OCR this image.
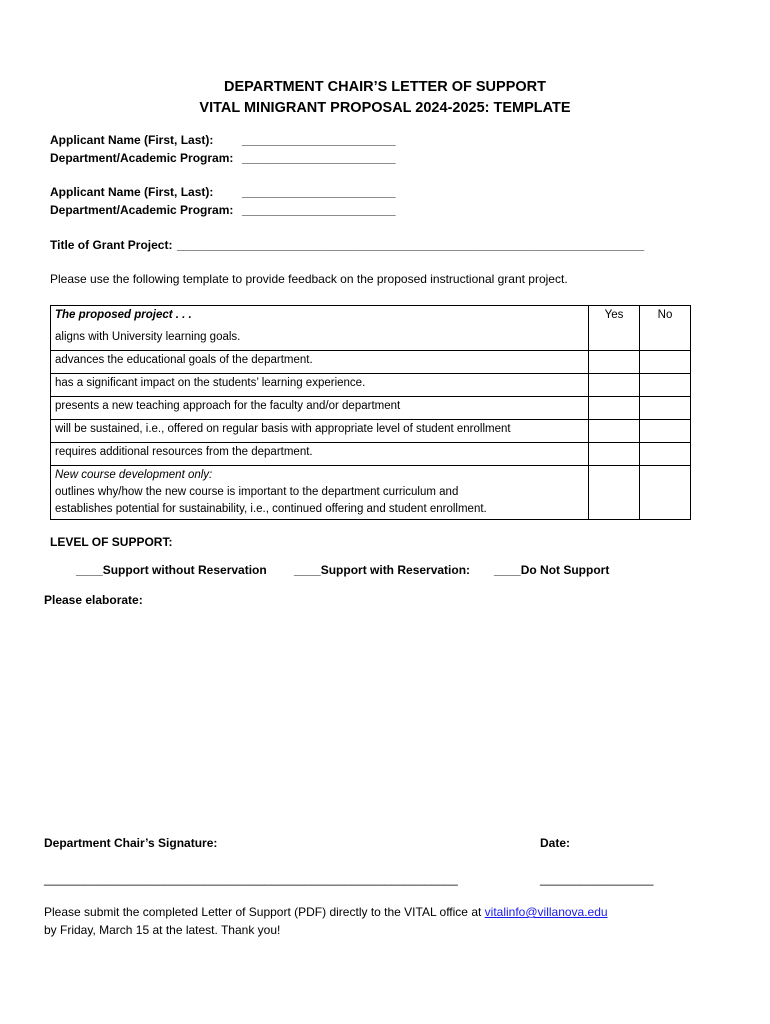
DEPARTMENT CHAIR’S LETTER OF SUPPORT
VITAL MINIGRANT PROPOSAL 2024-2025: TEMPLATE
Applicant Name (First, Last): _______________________
Department/Academic Program: _______________________
Applicant Name (First, Last): _______________________
Department/Academic Program: _______________________
Title of Grant Project: ______________________________________________________________________
Please use the following template to provide feedback on the proposed instructional grant project.
The proposed project . . .	Yes	No
aligns with University learning goals.		
advances the educational goals of the department.		
has a significant impact on the students’ learning experience.		
presents a new teaching approach for the faculty and/or department		
will be sustained, i.e., offered on regular basis with appropriate level of student enrollment		
requires additional resources from the department.		

New course development only:
outlines why/how the new course is important to the department curriculum and
establishes potential for sustainability, i.e., continued offering and student enrollment.		

LEVEL OF SUPPORT:
____Support without Reservation ____Support with Reservation: ____Do Not Support
Please elaborate:
Department Chair’s Signature:	Date:
______________________________________________________________	_________________
Please submit the completed Letter of Support (PDF) directly to the VITAL office at vitalinfo@villanova.edu
by Friday, March 15 at the latest. Thank you!
